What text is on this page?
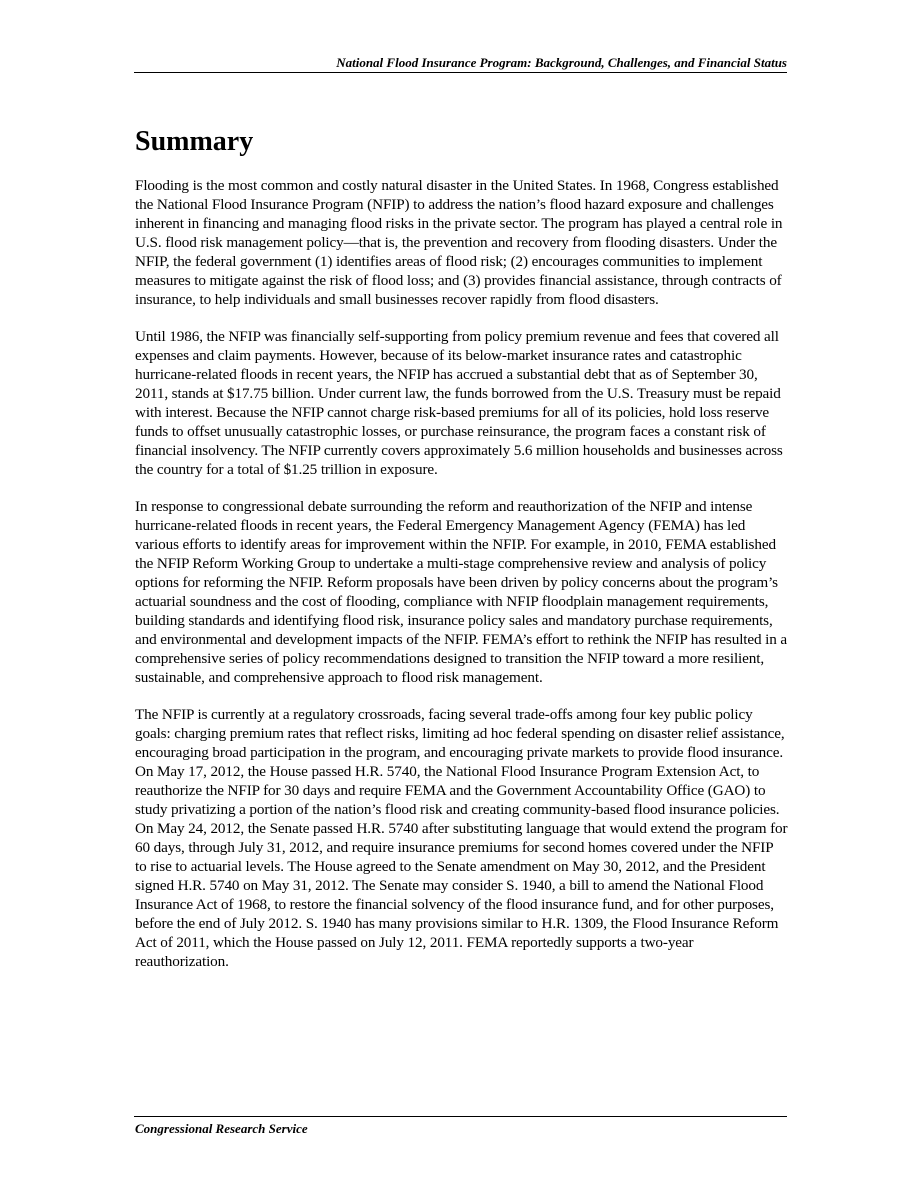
National Flood Insurance Program: Background, Challenges, and Financial Status
Summary

Flooding is the most common and costly natural disaster in the United States. In 1968, Congress established the National Flood Insurance Program (NFIP) to address the nation’s flood hazard exposure and challenges inherent in financing and managing flood risks in the private sector. The program has played a central role in U.S. flood risk management policy—that is, the prevention and recovery from flooding disasters. Under the NFIP, the federal government (1) identifies areas of flood risk; (2) encourages communities to implement measures to mitigate against the risk of flood loss; and (3) provides financial assistance, through contracts of insurance, to help individuals and small businesses recover rapidly from flood disasters.

Until 1986, the NFIP was financially self-supporting from policy premium revenue and fees that covered all expenses and claim payments. However, because of its below-market insurance rates and catastrophic hurricane-related floods in recent years, the NFIP has accrued a substantial debt that as of September 30, 2011, stands at $17.75 billion. Under current law, the funds borrowed from the U.S. Treasury must be repaid with interest. Because the NFIP cannot charge risk-based premiums for all of its policies, hold loss reserve funds to offset unusually catastrophic losses, or purchase reinsurance, the program faces a constant risk of financial insolvency. The NFIP currently covers approximately 5.6 million households and businesses across the country for a total of $1.25 trillion in exposure.

In response to congressional debate surrounding the reform and reauthorization of the NFIP and intense hurricane-related floods in recent years, the Federal Emergency Management Agency (FEMA) has led various efforts to identify areas for improvement within the NFIP. For example, in 2010, FEMA established the NFIP Reform Working Group to undertake a multi-stage comprehensive review and analysis of policy options for reforming the NFIP. Reform proposals have been driven by policy concerns about the program’s actuarial soundness and the cost of flooding, compliance with NFIP floodplain management requirements, building standards and identifying flood risk, insurance policy sales and mandatory purchase requirements, and environmental and development impacts of the NFIP. FEMA’s effort to rethink the NFIP has resulted in a comprehensive series of policy recommendations designed to transition the NFIP toward a more resilient, sustainable, and comprehensive approach to flood risk management.

The NFIP is currently at a regulatory crossroads, facing several trade-offs among four key public policy goals: charging premium rates that reflect risks, limiting ad hoc federal spending on disaster relief assistance, encouraging broad participation in the program, and encouraging private markets to provide flood insurance. On May 17, 2012, the House passed H.R. 5740, the National Flood Insurance Program Extension Act, to reauthorize the NFIP for 30 days and require FEMA and the Government Accountability Office (GAO) to study privatizing a portion of the nation’s flood risk and creating community-based flood insurance policies. On May 24, 2012, the Senate passed H.R. 5740 after substituting language that would extend the program for 60 days, through July 31, 2012, and require insurance premiums for second homes covered under the NFIP to rise to actuarial levels. The House agreed to the Senate amendment on May 30, 2012, and the President signed H.R. 5740 on May 31, 2012. The Senate may consider S. 1940, a bill to amend the National Flood Insurance Act of 1968, to restore the financial solvency of the flood insurance fund, and for other purposes, before the end of July 2012. S. 1940 has many provisions similar to H.R. 1309, the Flood Insurance Reform Act of 2011, which the House passed on July 12, 2011. FEMA reportedly supports a two-year reauthorization.

Congressional Research Service
